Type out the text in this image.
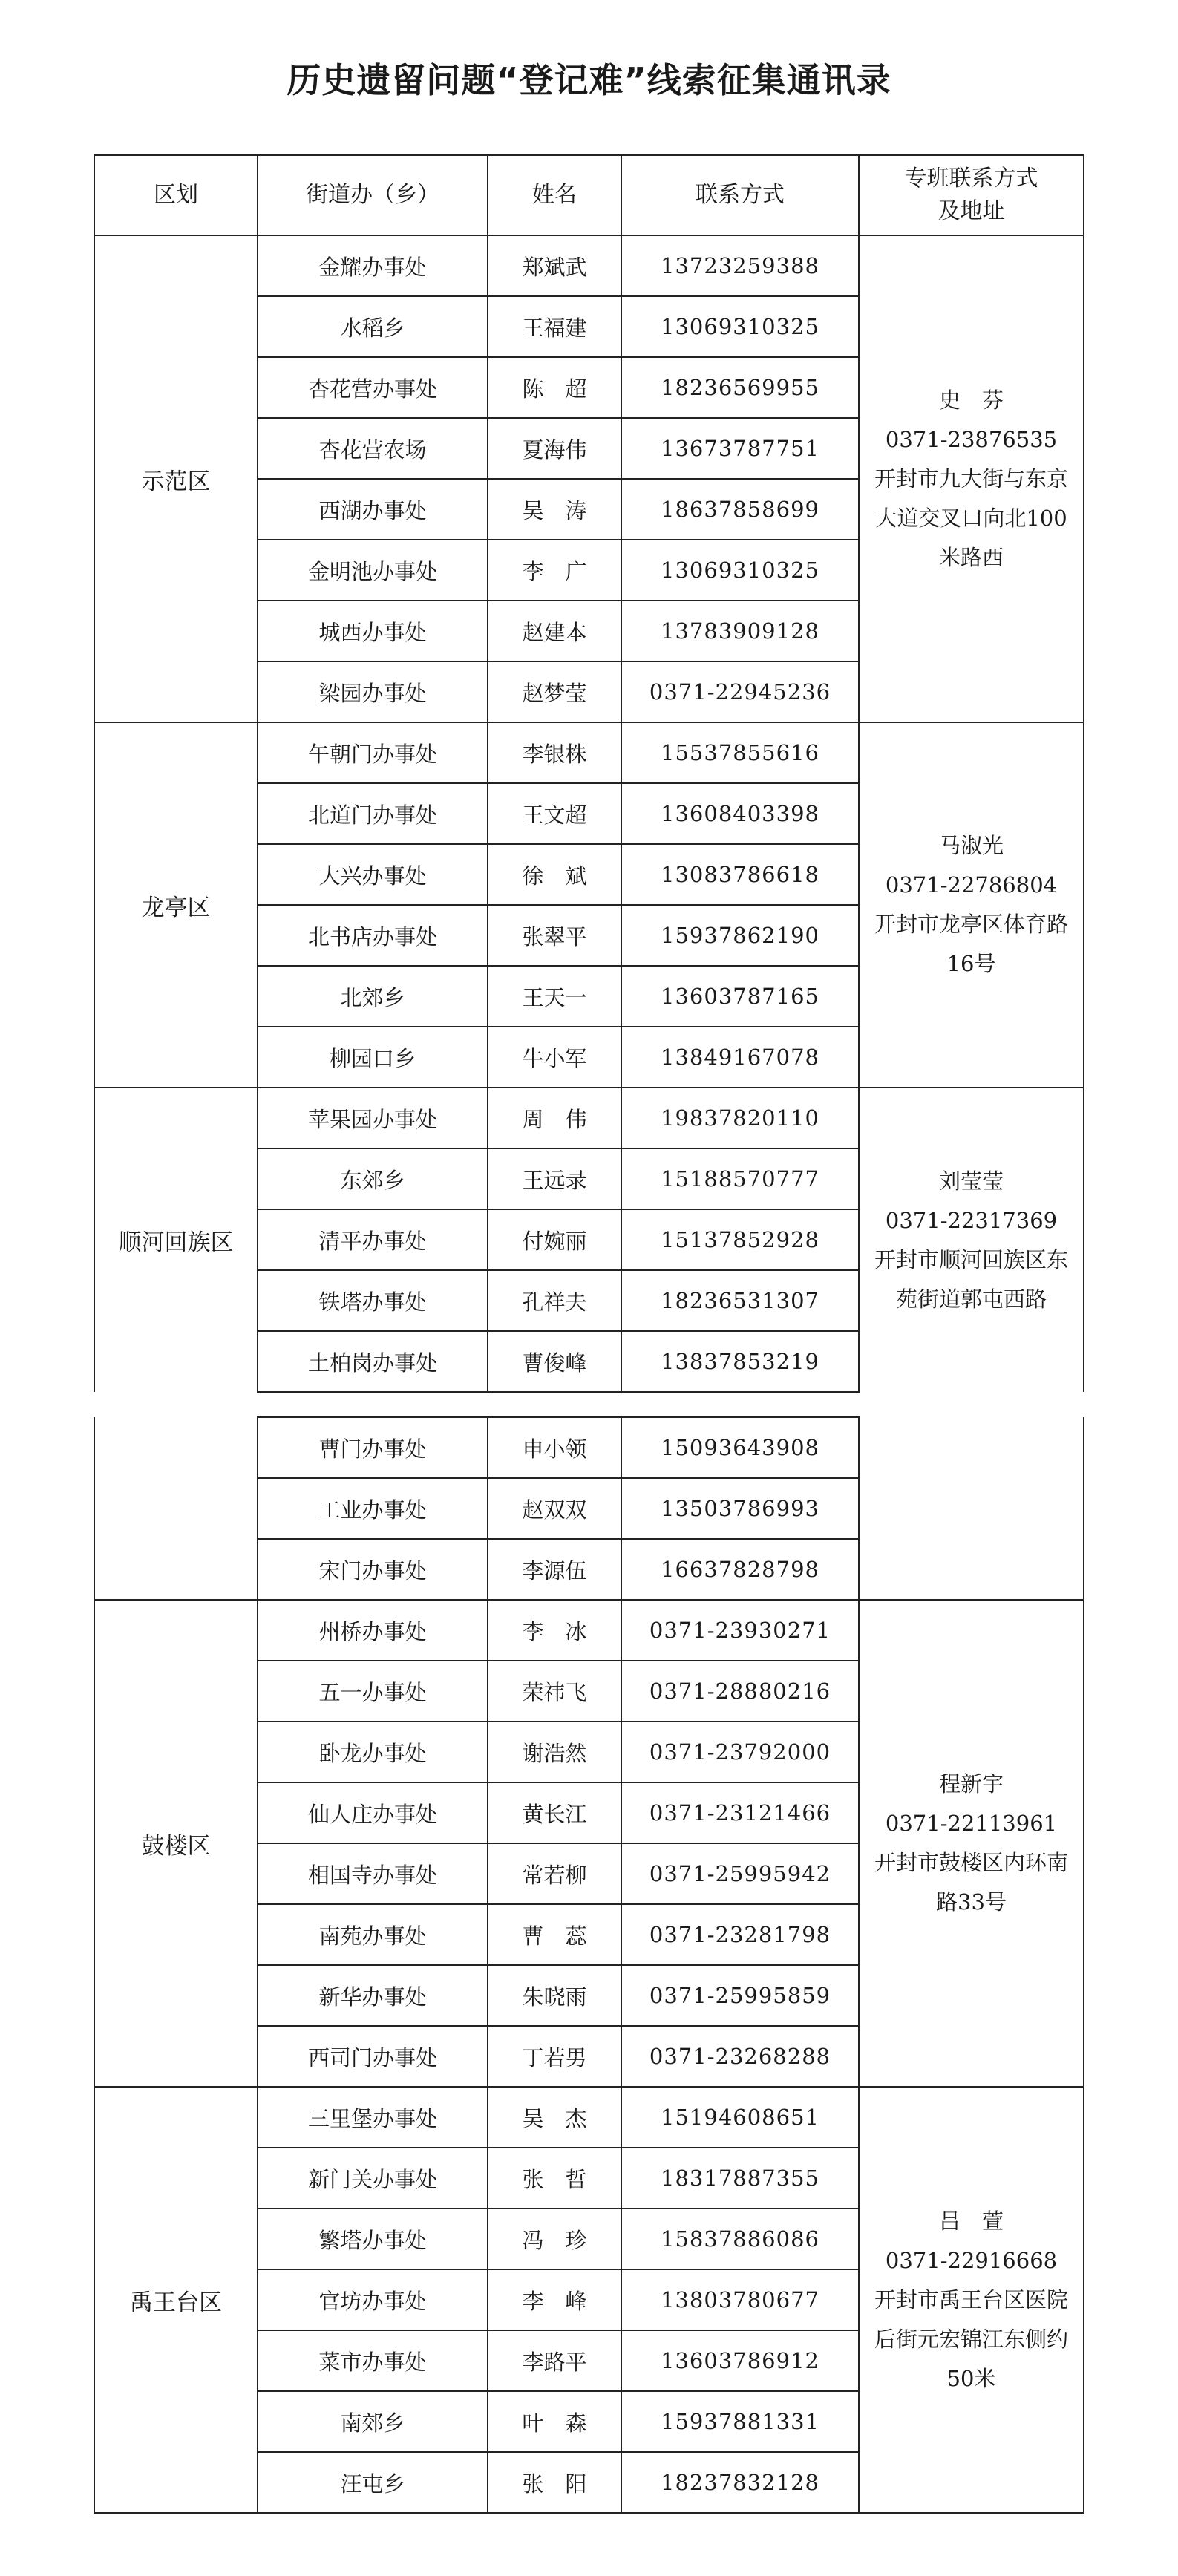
历史遗留问题“登记难”线索征集通讯录
区划	街道办（乡）	姓名	联系方式	专班联系方式
及地址

示范区	金耀办事处	郑斌武	13723259388	史　芬
0371-23876535
开封市九大街与东京大道交叉口向北100米路西

	水稻乡	王福建	13069310325	
	杏花营办事处	陈　超	18236569955	
	杏花营农场	夏海伟	13673787751	
	西湖办事处	吴　涛	18637858699	
	金明池办事处	李　广	13069310325	
	城西办事处	赵建本	13783909128	
	梁园办事处	赵梦莹	0371-22945236	
龙亭区	午朝门办事处	李银株	15537855616	马淑光
0371-22786804
开封市龙亭区体育路16号

	北道门办事处	王文超	13608403398	
	大兴办事处	徐　斌	13083786618	
	北书店办事处	张翠平	15937862190	
	北郊乡	王天一	13603787165	
	柳园口乡	牛小军	13849167078	
顺河回族区	苹果园办事处	周　伟	19837820110	刘莹莹
0371-22317369
开封市顺河回族区东苑街道郭屯西路

	东郊乡	王远录	15188570777	
	清平办事处	付婉丽	15137852928	
	铁塔办事处	孔祥夫	18236531307	
	土柏岗办事处	曹俊峰	13837853219	
	曹门办事处	申小领	15093643908	
	工业办事处	赵双双	13503786993	
	宋门办事处	李源伍	16637828798	
鼓楼区	州桥办事处	李　冰	0371-23930271	程新宇
0371-22113961
开封市鼓楼区内环南路33号

	五一办事处	荣祎飞	0371-28880216	
	卧龙办事处	谢浩然	0371-23792000	
	仙人庄办事处	黄长江	0371-23121466	
	相国寺办事处	常若柳	0371-25995942	
	南苑办事处	曹　蕊	0371-23281798	
	新华办事处	朱晓雨	0371-25995859	
	西司门办事处	丁若男	0371-23268288	
禹王台区	三里堡办事处	吴　杰	15194608651	吕　萱
0371-22916668
开封市禹王台区医院后街元宏锦江东侧约50米

	新门关办事处	张　哲	18317887355	
	繁塔办事处	冯　珍	15837886086	
	官坊办事处	李　峰	13803780677	
	菜市办事处	李路平	13603786912	
	南郊乡	叶　森	15937881331	
	汪屯乡	张　阳	18237832128	
